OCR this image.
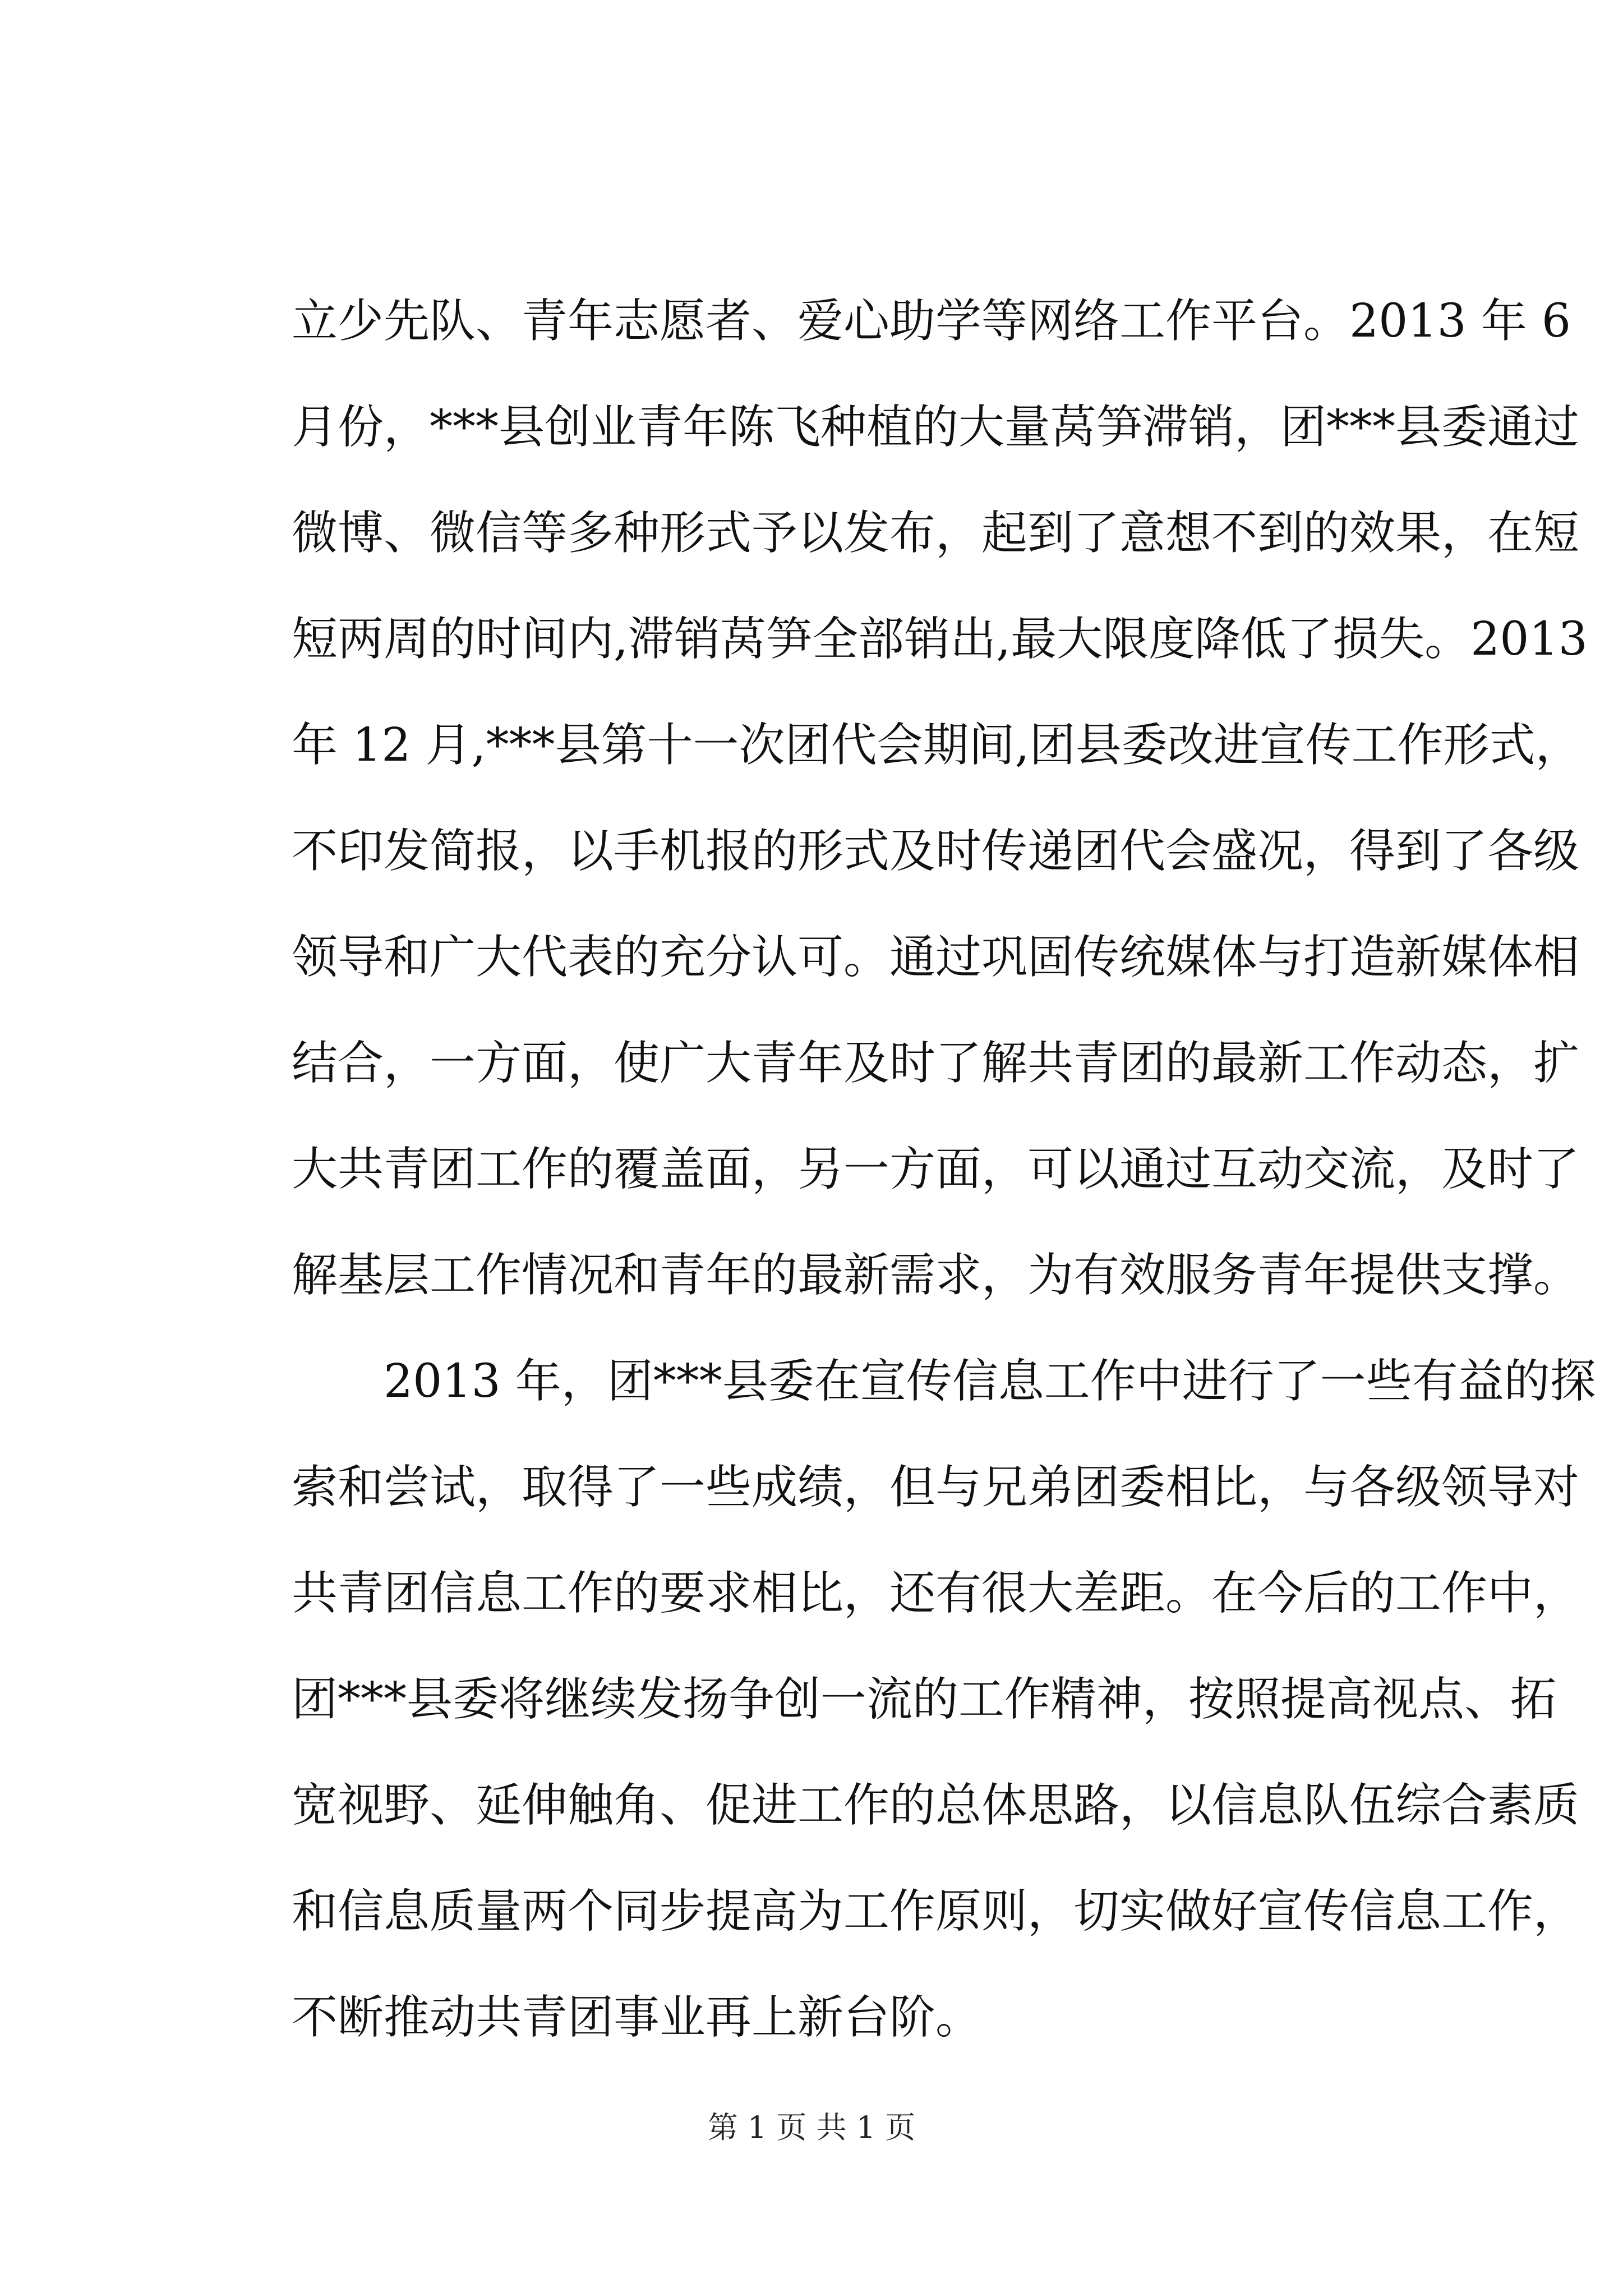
立少先队、青年志愿者、爱心助学等网络工作平台。2013 年 6
月份，***县创业青年陈飞种植的大量莴笋滞销，团***县委通过
微博、微信等多种形式予以发布，起到了意想不到的效果，在短
短两周的时间内,滞销莴笋全部销出,最大限度降低了损失。2013
年 12 月,***县第十一次团代会期间,团县委改进宣传工作形式，
不印发简报，以手机报的形式及时传递团代会盛况，得到了各级
领导和广大代表的充分认可。通过巩固传统媒体与打造新媒体相
结合，一方面，使广大青年及时了解共青团的最新工作动态，扩
大共青团工作的覆盖面，另一方面，可以通过互动交流，及时了
解基层工作情况和青年的最新需求，为有效服务青年提供支撑。
2013 年，团***县委在宣传信息工作中进行了一些有益的探
索和尝试，取得了一些成绩，但与兄弟团委相比，与各级领导对
共青团信息工作的要求相比，还有很大差距。在今后的工作中，
团***县委将继续发扬争创一流的工作精神，按照提高视点、拓
宽视野、延伸触角、促进工作的总体思路，以信息队伍综合素质
和信息质量两个同步提高为工作原则，切实做好宣传信息工作，
不断推动共青团事业再上新台阶。
第 1 页 共 1 页
